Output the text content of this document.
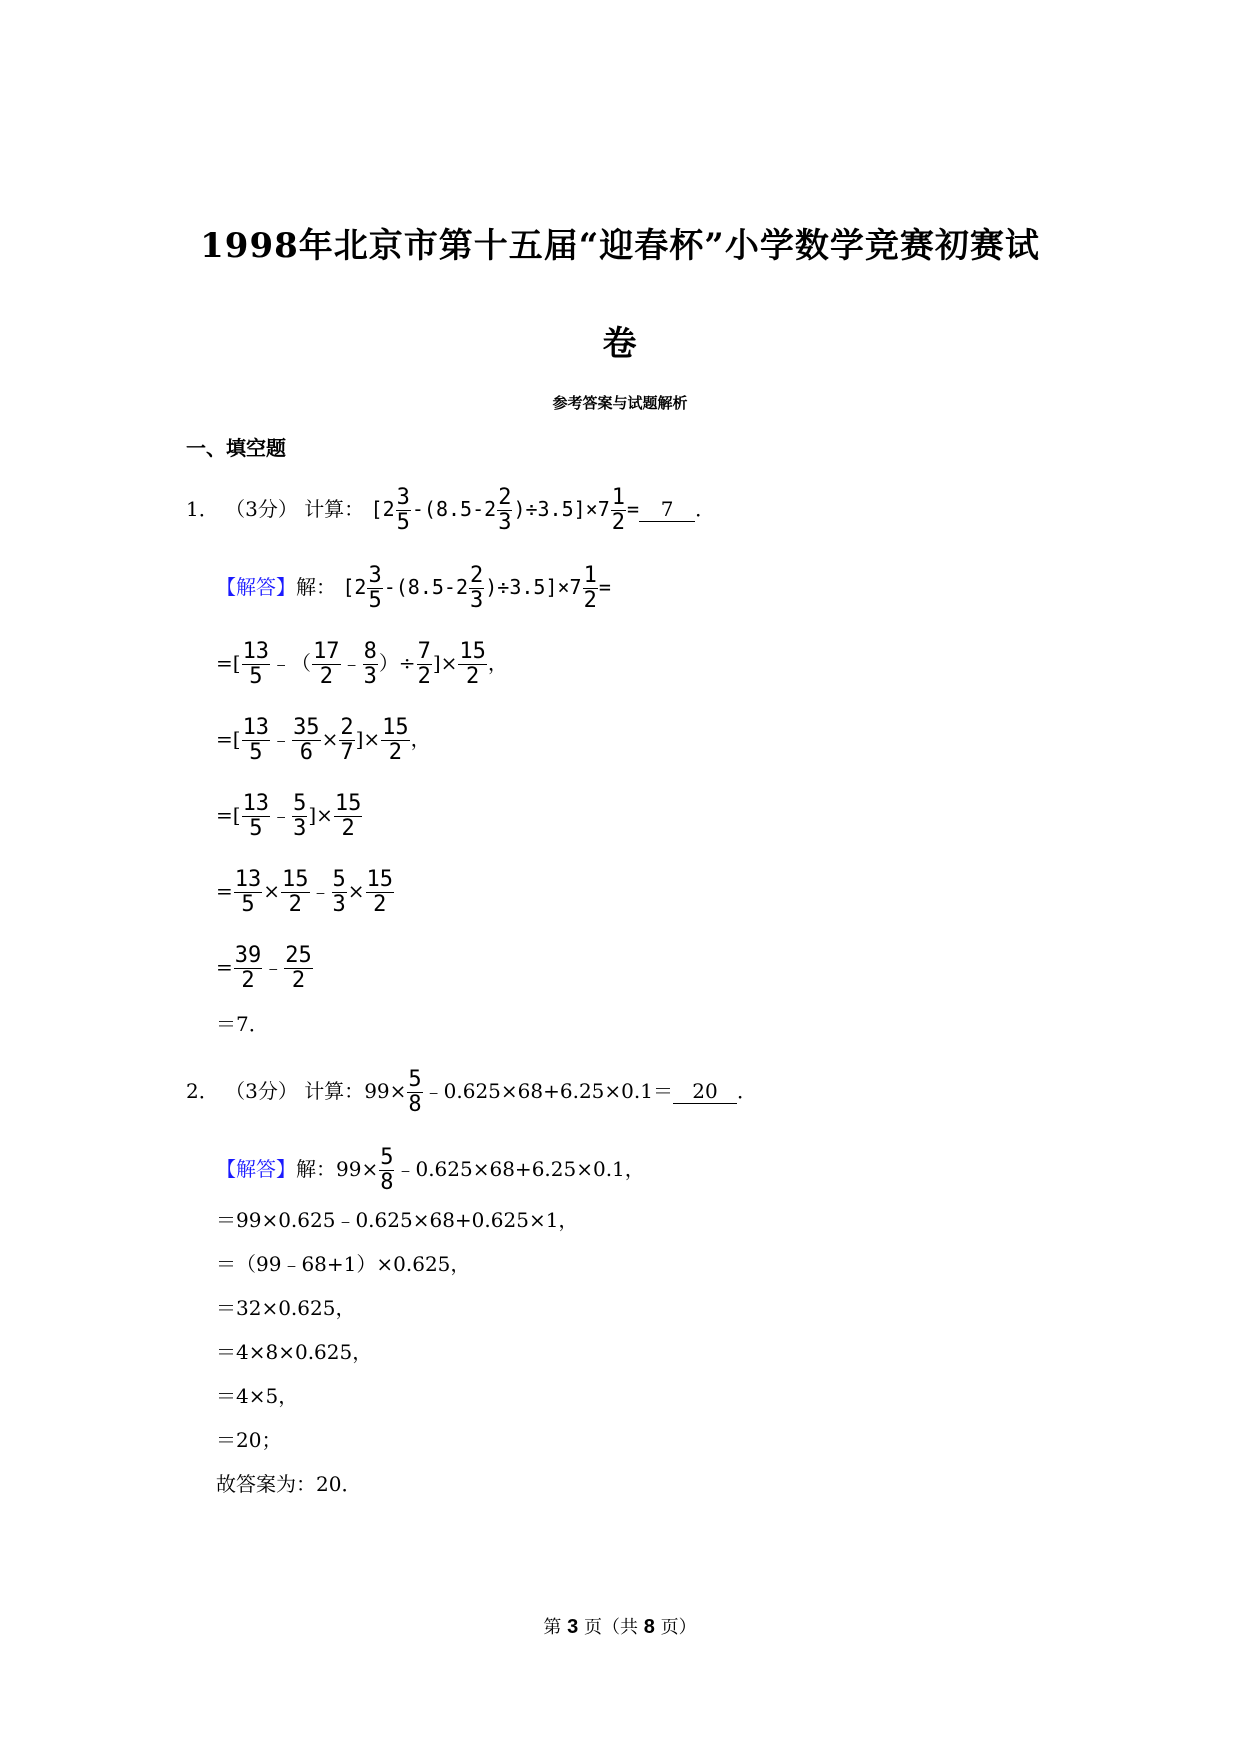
1998年北京市第十五届“迎春杯”小学数学竞赛初赛试
卷
参考答案与试题解析
一、填空题
1． （3分） 计算： $[2 \frac{3}{5} -(8.5-2 \frac{2}{3} )\div 3.5]\times 7 \frac{1}{2} = 7$ ．
【解答】解： $[2 \frac{3}{5} -(8.5-2 \frac{2}{3} )\div 3.5]\times 7 \frac{1}{2}$ =
=[ $\frac{13}{5}$ ﹣（ $\frac{17}{2}$ ﹣ $\frac{8}{3}$ ）÷ $\frac{7}{2}$ ]× $\frac{15}{2}$ ，
=[ $\frac{13}{5}$ ﹣ $\frac{35}{6} \times \frac{2}{7}$ ]× $\frac{15}{2}$ ，
=[ $\frac{13}{5}$ ﹣ $\frac{5}{3}$ ]× $\frac{15}{2}$
= $\frac{13}{5} \times \frac{15}{2}$ ﹣ $\frac{5}{3} \times \frac{15}{2}$
= $\frac{39}{2}$ ﹣ $\frac{25}{2}$
＝7．
2． （3分） 计算：$99\times \frac{5}{8}$ ﹣0.625×68+6.25×0.1＝ 20 ．
【解答】解：$99\times \frac{5}{8}$ ﹣0.625×68+6.25×0.1，
＝99×0.625﹣0.625×68+0.625×1，
＝（99﹣68+1）×0.625，
＝32×0.625，
＝4×8×0.625，
＝4×5，
＝20；
故答案为：20．
第 3 页（共 8 页）
